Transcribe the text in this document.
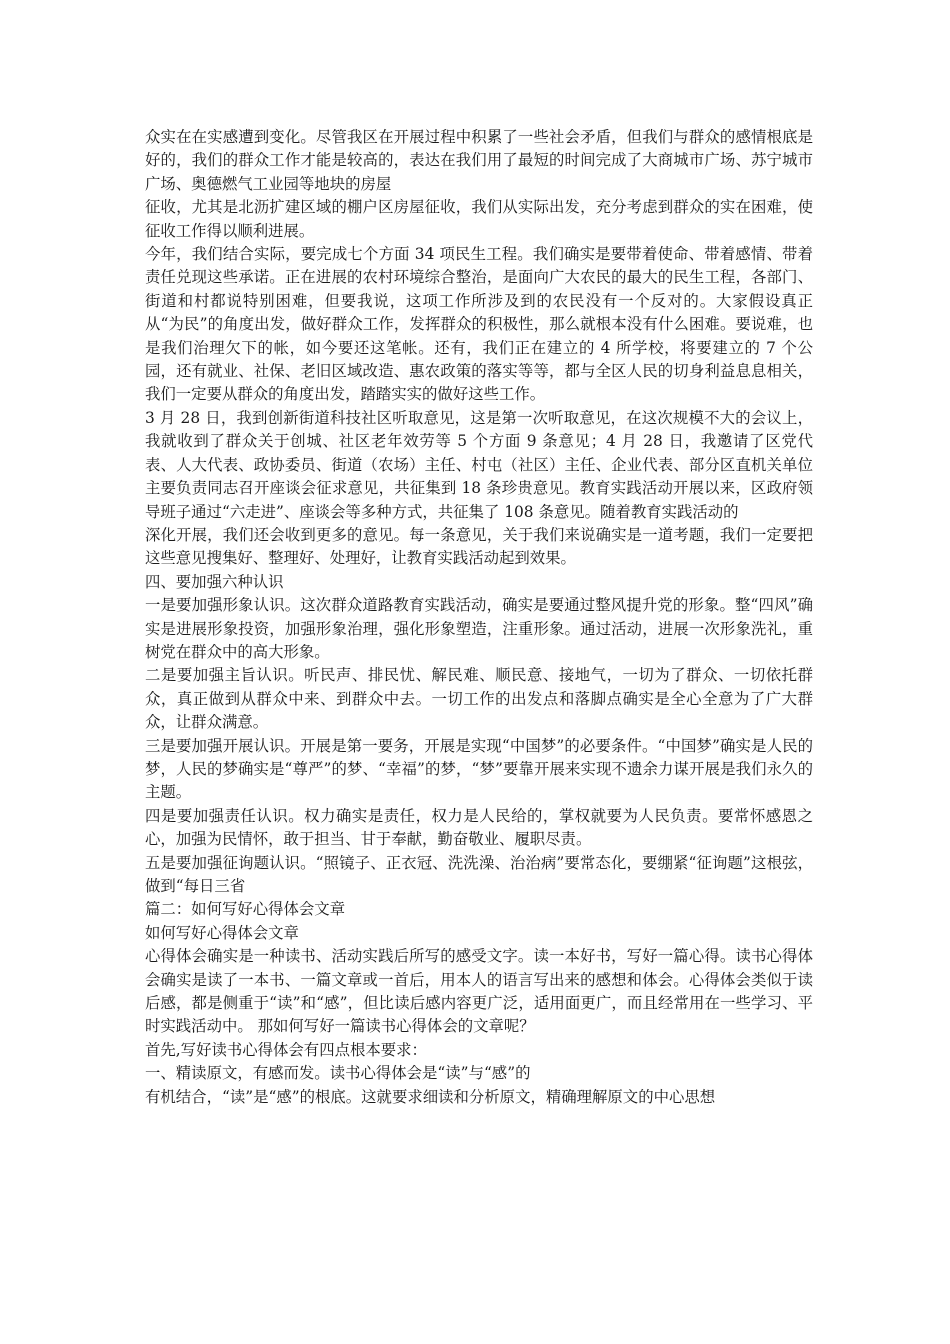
众实在在实感遭到变化。尽管我区在开展过程中积累了一些社会矛盾，但我们与群众的感情根底是好的，我们的群众工作才能是较高的，表达在我们用了最短的时间完成了大商城市广场、苏宁城市广场、奥德燃气工业园等地块的房屋

征收，尤其是北沥扩建区域的棚户区房屋征收，我们从实际出发，充分考虑到群众的实在困难，使征收工作得以顺利进展。

今年，我们结合实际，要完成七个方面 34 项民生工程。我们确实是要带着使命、带着感情、带着责任兑现这些承诺。正在进展的农村环境综合整治，是面向广大农民的最大的民生工程，各部门、街道和村都说特别困难，但要我说，这项工作所涉及到的农民没有一个反对的。大家假设真正从“为民”的角度出发，做好群众工作，发挥群众的积极性，那么就根本没有什么困难。要说难，也是我们治理欠下的帐，如今要还这笔帐。还有，我们正在建立的 4 所学校，将要建立的 7 个公园，还有就业、社保、老旧区域改造、惠农政策的落实等等，都与全区人民的切身利益息息相关，我们一定要从群众的角度出发，踏踏实实的做好这些工作。

3 月 28 日，我到创新街道科技社区听取意见，这是第一次听取意见，在这次规模不大的会议上，我就收到了群众关于创城、社区老年效劳等 5 个方面 9 条意见；4 月 28 日，我邀请了区党代表、人大代表、政协委员、街道（农场）主任、村屯（社区）主任、企业代表、部分区直机关单位主要负责同志召开座谈会征求意见，共征集到 18 条珍贵意见。教育实践活动开展以来，区政府领导班子通过“六走进”、座谈会等多种方式，共征集了 108 条意见。随着教育实践活动的

深化开展，我们还会收到更多的意见。每一条意见，关于我们来说确实是一道考题，我们一定要把这些意见搜集好、整理好、处理好，让教育实践活动起到效果。

四、要加强六种认识

一是要加强形象认识。这次群众道路教育实践活动，确实是要通过整风提升党的形象。整“四风”确实是进展形象投资，加强形象治理，强化形象塑造，注重形象。通过活动，进展一次形象洗礼，重树党在群众中的高大形象。

二是要加强主旨认识。听民声、排民忧、解民难、顺民意、接地气，一切为了群众、一切依托群众，真正做到从群众中来、到群众中去。一切工作的出发点和落脚点确实是全心全意为了广大群众，让群众满意。

三是要加强开展认识。开展是第一要务，开展是实现“中国梦”的必要条件。“中国梦”确实是人民的梦，人民的梦确实是“尊严”的梦、“幸福”的梦，“梦”要靠开展来实现不遗余力谋开展是我们永久的主题。

四是要加强责任认识。权力确实是责任，权力是人民给的，掌权就要为人民负责。要常怀感恩之心，加强为民情怀，敢于担当、甘于奉献，勤奋敬业、履职尽责。

五是要加强征询题认识。“照镜子、正衣冠、洗洗澡、治治病”要常态化，要绷紧“征询题”这根弦，做到“每日三省

篇二：如何写好心得体会文章

如何写好心得体会文章

心得体会确实是一种读书、活动实践后所写的感受文字。读一本好书，写好一篇心得。读书心得体会确实是读了一本书、一篇文章或一首后，用本人的语言写出来的感想和体会。心得体会类似于读后感，都是侧重于“读”和“感”，但比读后感内容更广泛，适用面更广，而且经常用在一些学习、平时实践活动中。 那如何写好一篇读书心得体会的文章呢？

首先,写好读书心得体会有四点根本要求：

一、精读原文，有感而发。读书心得体会是“读”与“感”的

有机结合，“读”是“感”的根底。这就要求细读和分析原文，精确理解原文的中心思想
